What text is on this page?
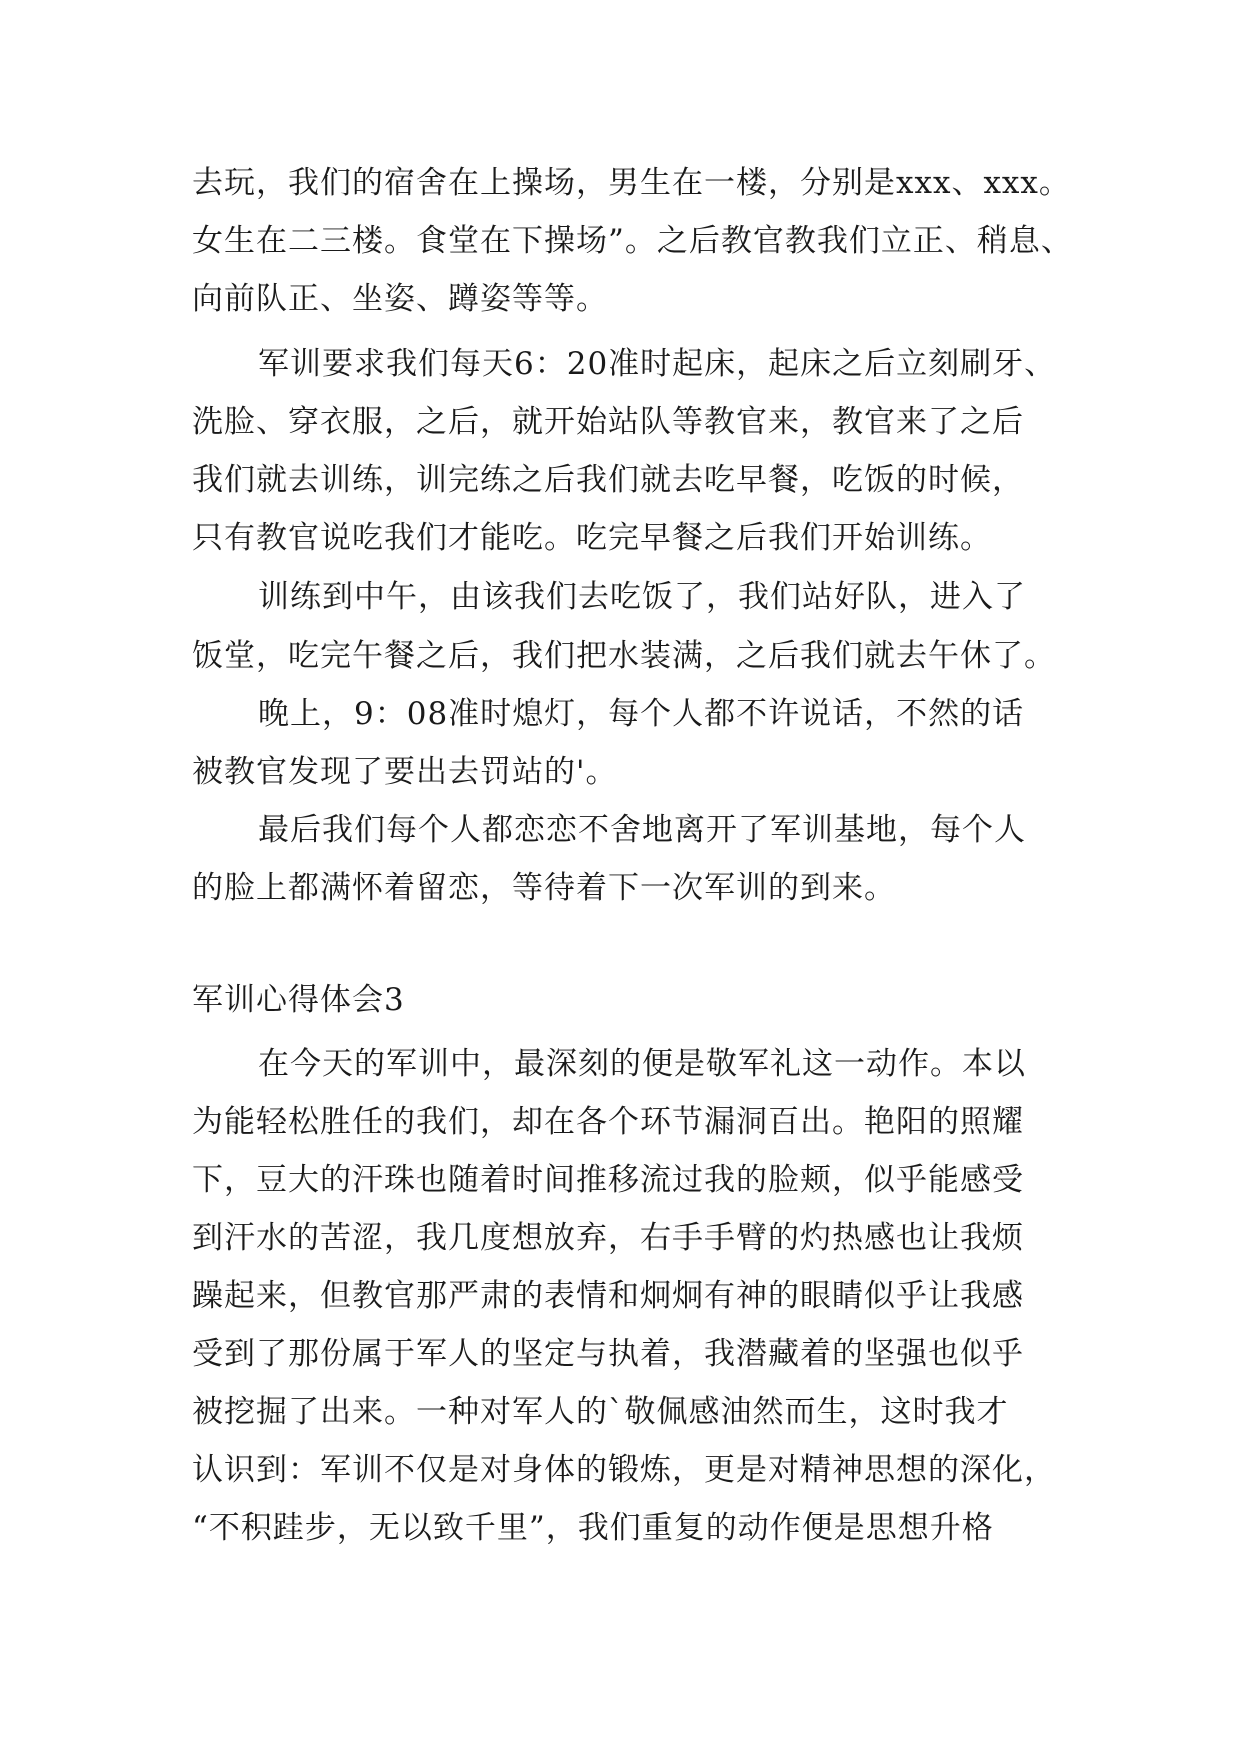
去玩，我们的宿舍在上操场，男生在一楼，分别是xxx、xxx。
女生在二三楼。食堂在下操场”。之后教官教我们立正、稍息、
向前队正、坐姿、蹲姿等等。
军训要求我们每天6：20准时起床，起床之后立刻刷牙、
洗脸、穿衣服，之后，就开始站队等教官来，教官来了之后
我们就去训练，训完练之后我们就去吃早餐，吃饭的时候，
只有教官说吃我们才能吃。吃完早餐之后我们开始训练。
训练到中午，由该我们去吃饭了，我们站好队，进入了
饭堂，吃完午餐之后，我们把水装满，之后我们就去午休了。
晚上，9：08准时熄灯，每个人都不许说话，不然的话
被教官发现了要出去罚站的'。
最后我们每个人都恋恋不舍地离开了军训基地，每个人
的脸上都满怀着留恋，等待着下一次军训的到来。
军训心得体会3
在今天的军训中，最深刻的便是敬军礼这一动作。本以
为能轻松胜任的我们，却在各个环节漏洞百出。艳阳的照耀
下，豆大的汗珠也随着时间推移流过我的脸颊，似乎能感受
到汗水的苦涩，我几度想放弃，右手手臂的灼热感也让我烦
躁起来，但教官那严肃的表情和炯炯有神的眼睛似乎让我感
受到了那份属于军人的坚定与执着，我潜藏着的坚强也似乎
被挖掘了出来。一种对军人的`敬佩感油然而生，这时我才
认识到：军训不仅是对身体的锻炼，更是对精神思想的深化，
“不积跬步，无以致千里”，我们重复的动作便是思想升格
